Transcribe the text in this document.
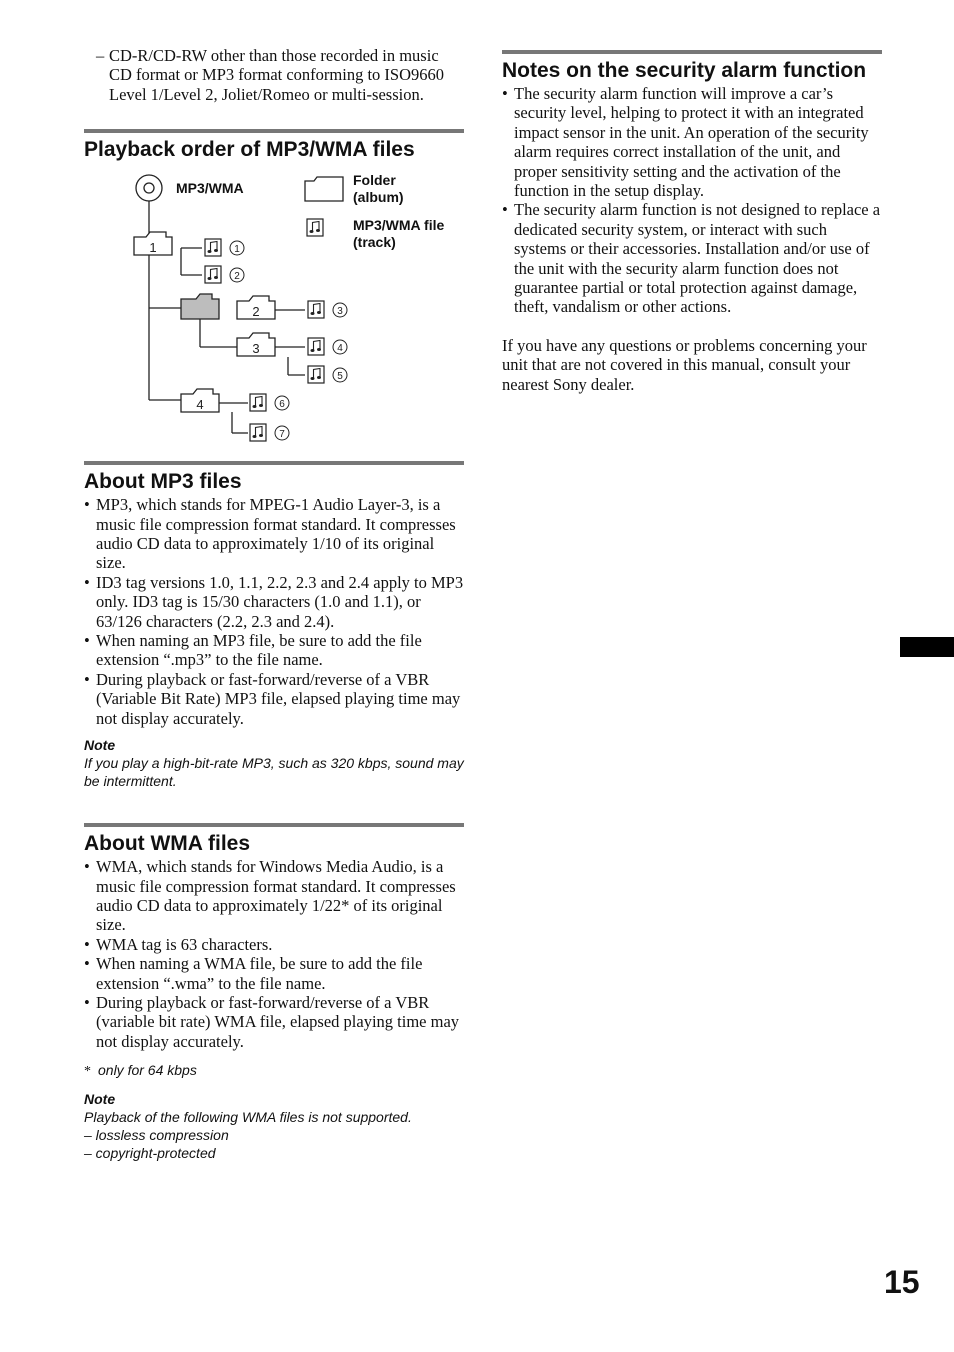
– CD-R/CD-RW other than those recorded in music CD format or MP3 format conforming to ISO9660 Level 1/Level 2, Joliet/Romeo or multi-session.
Playback order of MP3/WMA files
MP3/WMA	Folder
(album)
MP3/WMA file
(track)
1
2
3
4
1
2
3
4
5
6
7
About MP3 files
• MP3, which stands for MPEG-1 Audio Layer-3, is a music file compression format standard. It compresses audio CD data to approximately 1/10 of its original size.
• ID3 tag versions 1.0, 1.1, 2.2, 2.3 and 2.4 apply to MP3 only. ID3 tag is 15/30 characters (1.0 and 1.1), or 63/126 characters (2.2, 2.3 and 2.4).
• When naming an MP3 file, be sure to add the file extension “.mp3” to the file name.
• During playback or fast-forward/reverse of a VBR (Variable Bit Rate) MP3 file, elapsed playing time may not display accurately.

Note

If you play a high-bit-rate MP3, such as 320 kbps, sound may be intermittent.

About WMA files
• WMA, which stands for Windows Media Audio, is a music file compression format standard. It compresses audio CD data to approximately 1/22* of its original size.
• WMA tag is 63 characters.
• When naming a WMA file, be sure to add the file extension “.wma” to the file name.
• During playback or fast-forward/reverse of a VBR (variable bit rate) WMA file, elapsed playing time may not display accurately.

* only for 64 kbps

Note

Playback of the following WMA files is not supported.

– lossless compression

– copyright-protected

Notes on the security alarm function
• The security alarm function will improve a car’s security level, helping to protect it with an integrated impact sensor in the unit. An operation of the security alarm requires correct installation of the unit, and proper sensitivity setting and the activation of the function in the setup display.
• The security alarm function is not designed to replace a dedicated security system, or interact with such systems or their accessories. Installation and/or use of the unit with the security alarm function does not guarantee partial or total protection against damage, theft, vandalism or other actions.

If you have any questions or problems concerning your unit that are not covered in this manual, consult your nearest Sony dealer.

15
